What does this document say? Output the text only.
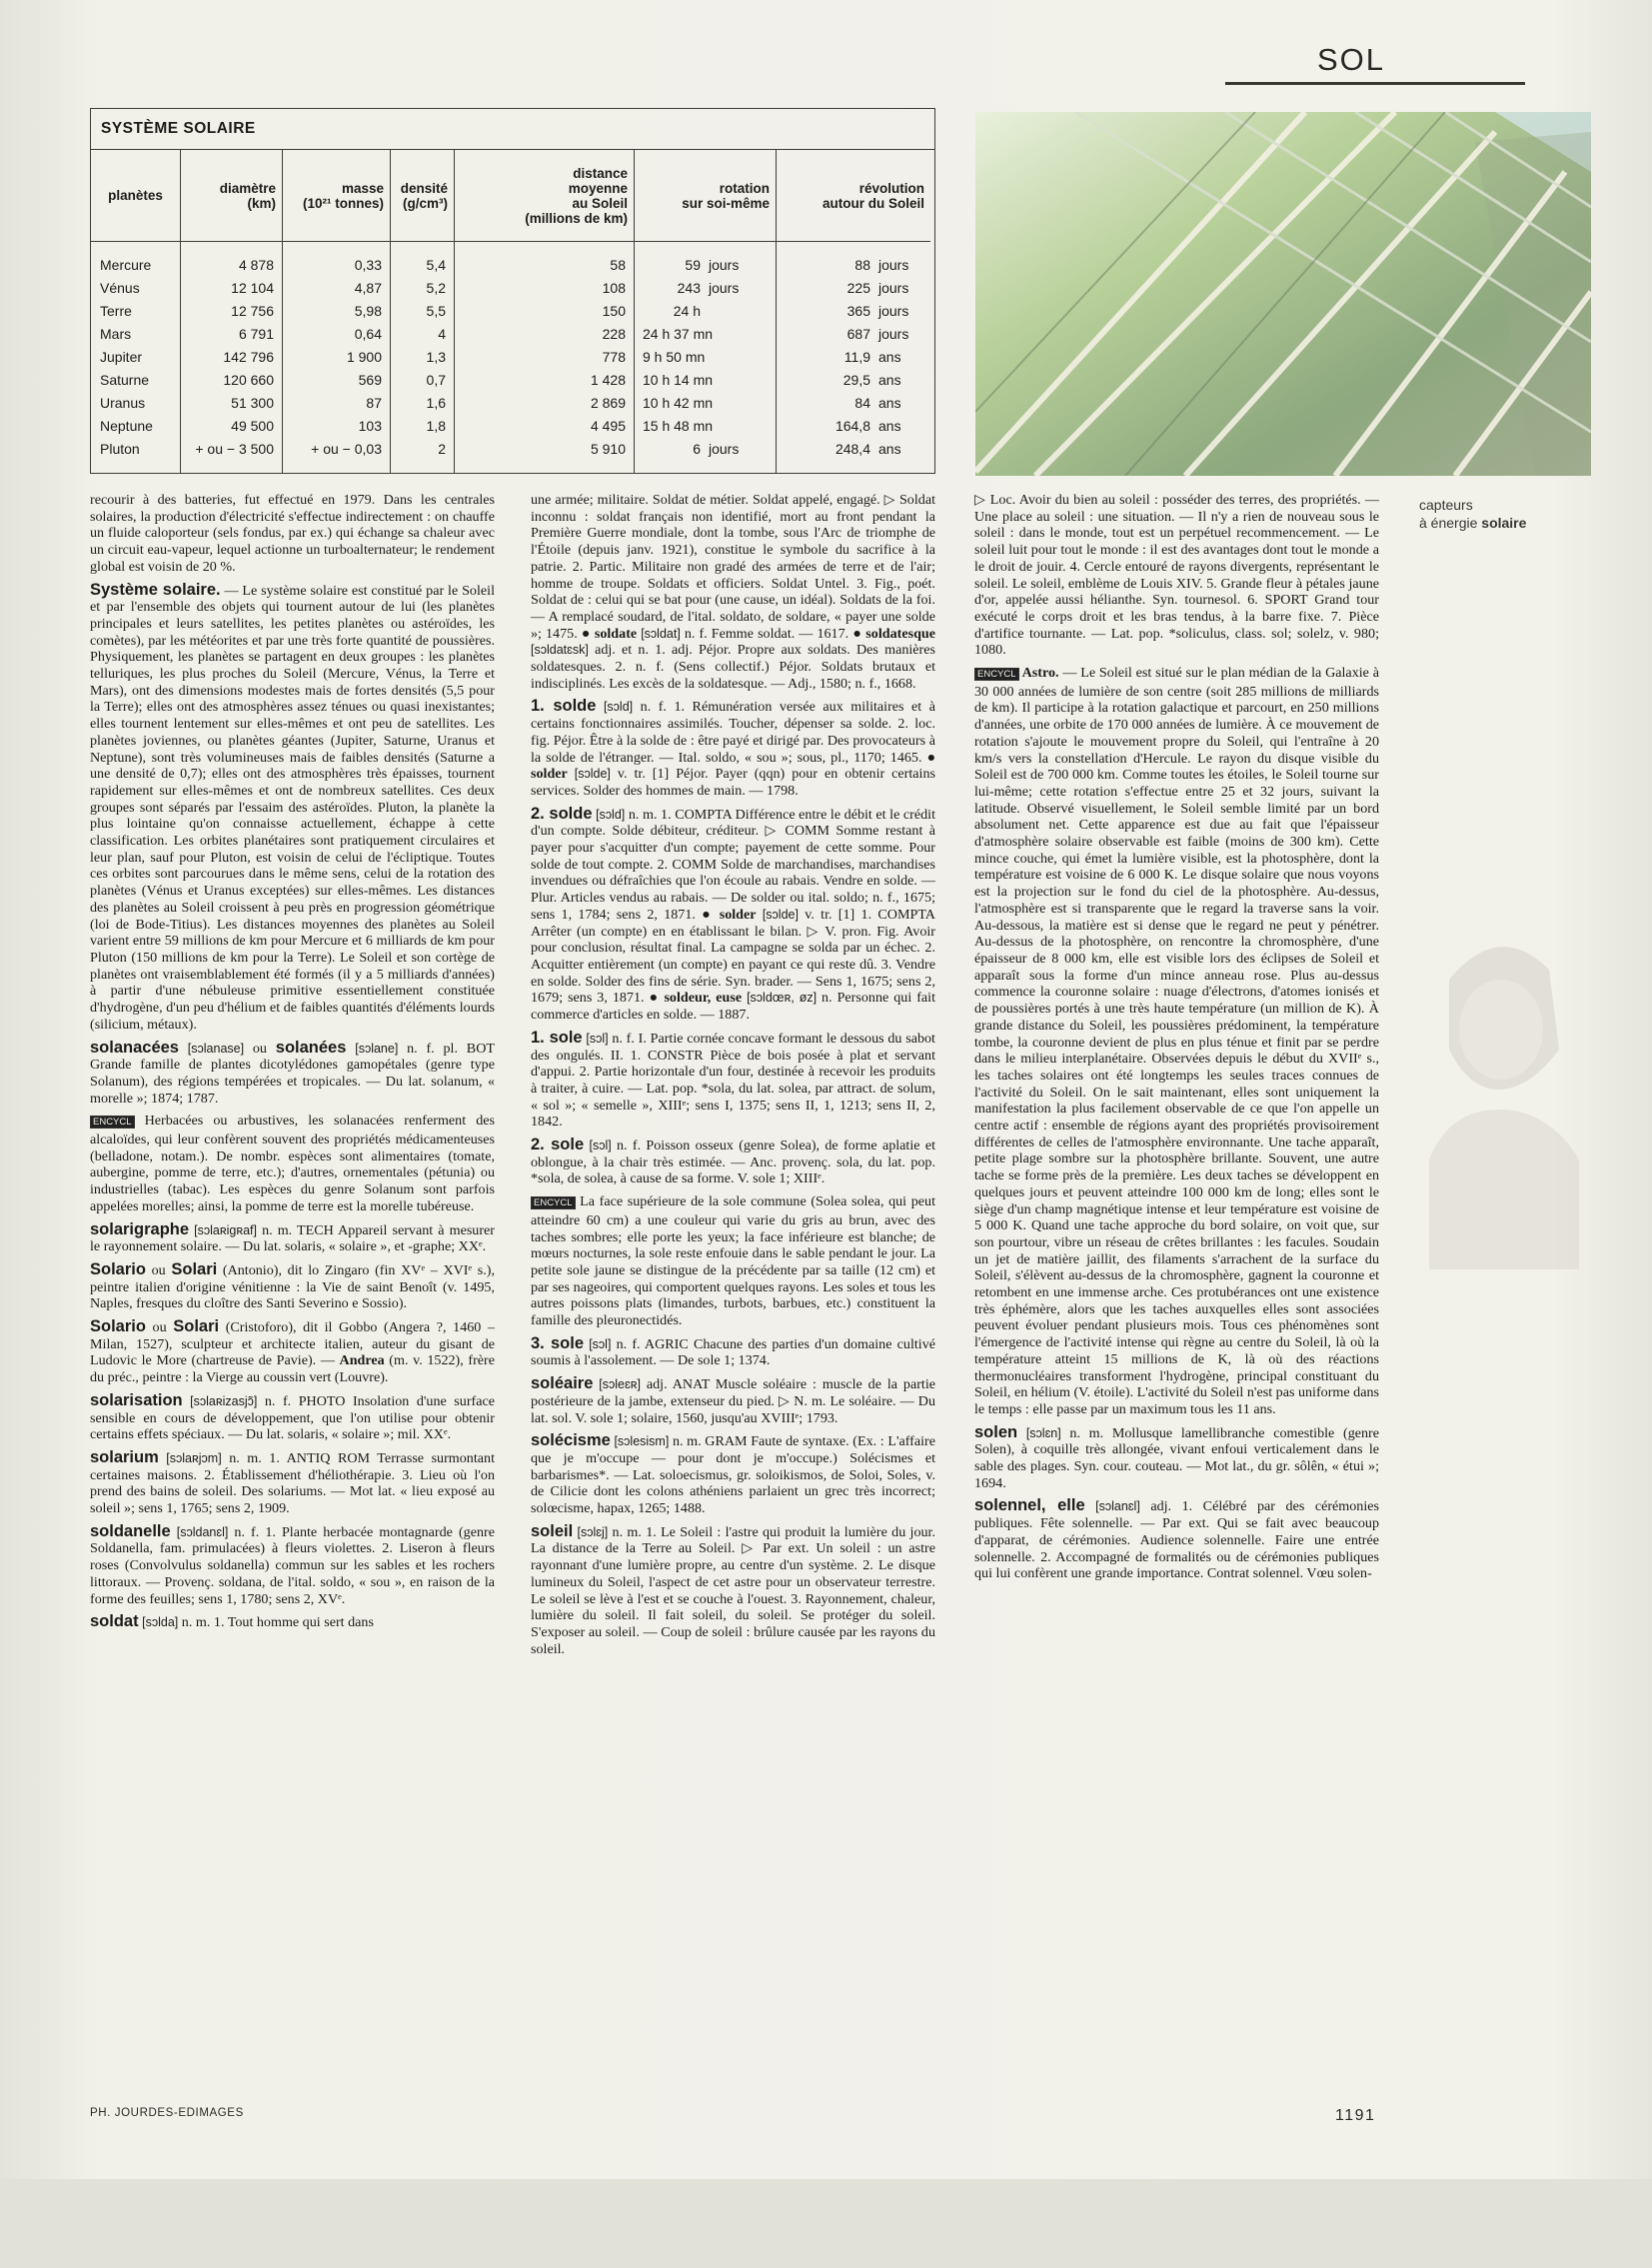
SOL
SYSTÈME SOLAIRE
planètes
Mercure
Vénus
Terre
Mars
Jupiter
Saturne
Uranus
Neptune
Pluton
diamètre
(km)
4 878
12 104
12 756
6 791
142 796
120 660
51 300
49 500
+ ou − 3 500
masse
(10²¹ tonnes)
0,33
4,87
5,98
0,64
1 900
569
87
103
+ ou − 0,03
densité
(g/cm³)
5,4
5,2
5,5
4
1,3
0,7
1,6
1,8
2
distance
moyenne
au Soleil
(millions de km)
58
108
150
228
778
1 428
2 869
4 495
5 910
rotation
sur soi-même
59 jours
243 jours
24 h
24 h 37 mn
9 h 50 mn
10 h 14 mn
10 h 42 mn
15 h 48 mn
6 jours
révolution
autour du Soleil
88 jours
225 jours
365 jours
687 jours
11,9 ans
29,5 ans
84 ans
164,8 ans
248,4 ans
capteurs
à énergie solaire

recourir à des batteries, fut effectué en 1979. Dans les centrales solaires, la production d'électricité s'effectue indirectement : on chauffe un fluide caloporteur (sels fondus, par ex.) qui échange sa chaleur avec un circuit eau-vapeur, lequel actionne un turboalternateur; le rendement global est voisin de 20 %.

Système solaire. — Le système solaire est constitué par le Soleil et par l'ensemble des objets qui tournent autour de lui (les planètes principales et leurs satellites, les petites planètes ou astéroïdes, les comètes), par les météorites et par une très forte quantité de poussières. Physiquement, les planètes se partagent en deux groupes : les planètes telluriques, les plus proches du Soleil (Mercure, Vénus, la Terre et Mars), ont des dimensions modestes mais de fortes densités (5,5 pour la Terre); elles ont des atmosphères assez ténues ou quasi inexistantes; elles tournent lentement sur elles-mêmes et ont peu de satellites. Les planètes joviennes, ou planètes géantes (Jupiter, Saturne, Uranus et Neptune), sont très volumineuses mais de faibles densités (Saturne a une densité de 0,7); elles ont des atmosphères très épaisses, tournent rapidement sur elles-mêmes et ont de nombreux satellites. Ces deux groupes sont séparés par l'essaim des astéroïdes. Pluton, la planète la plus lointaine qu'on connaisse actuellement, échappe à cette classification. Les orbites planétaires sont pratiquement circulaires et leur plan, sauf pour Pluton, est voisin de celui de l'écliptique. Toutes ces orbites sont parcourues dans le même sens, celui de la rotation des planètes (Vénus et Uranus exceptées) sur elles-mêmes. Les distances des planètes au Soleil croissent à peu près en progression géométrique (loi de Bode-Titius). Les distances moyennes des planètes au Soleil varient entre 59 millions de km pour Mercure et 6 milliards de km pour Pluton (150 millions de km pour la Terre). Le Soleil et son cortège de planètes ont vraisemblablement été formés (il y a 5 milliards d'années) à partir d'une nébuleuse primitive essentiellement constituée d'hydrogène, d'un peu d'hélium et de faibles quantités d'éléments lourds (silicium, métaux).

solanacées [sɔlanase] ou solanées [sɔlane] n. f. pl. BOT Grande famille de plantes dicotylédones gamopétales (genre type Solanum), des régions tempérées et tropicales. — Du lat. solanum, « morelle »; 1874; 1787.

ENCYCL Herbacées ou arbustives, les solanacées renferment des alcaloïdes, qui leur confèrent souvent des propriétés médicamenteuses (belladone, notam.). De nombr. espèces sont alimentaires (tomate, aubergine, pomme de terre, etc.); d'autres, ornementales (pétunia) ou industrielles (tabac). Les espèces du genre Solanum sont parfois appelées morelles; ainsi, la pomme de terre est la morelle tubéreuse.

solarigraphe [sɔlaʀigʀaf] n. m. TECH Appareil servant à mesurer le rayonnement solaire. — Du lat. solaris, « solaire », et -graphe; XXᵉ.

Solario ou Solari (Antonio), dit lo Zingaro (fin XVᵉ – XVIᵉ s.), peintre italien d'origine vénitienne : la Vie de saint Benoît (v. 1495, Naples, fresques du cloître des Santi Severino e Sossio).

Solario ou Solari (Cristoforo), dit il Gobbo (Angera ?, 1460 – Milan, 1527), sculpteur et architecte italien, auteur du gisant de Ludovic le More (chartreuse de Pavie). — Andrea (m. v. 1522), frère du préc., peintre : la Vierge au coussin vert (Louvre).

solarisation [sɔlaʀizasjɔ̃] n. f. PHOTO Insolation d'une surface sensible en cours de développement, que l'on utilise pour obtenir certains effets spéciaux. — Du lat. solaris, « solaire »; mil. XXᵉ.

solarium [sɔlaʀjɔm] n. m. 1. ANTIQ ROM Terrasse surmontant certaines maisons. 2. Établissement d'héliothérapie. 3. Lieu où l'on prend des bains de soleil. Des solariums. — Mot lat. « lieu exposé au soleil »; sens 1, 1765; sens 2, 1909.

soldanelle [sɔldanɛl] n. f. 1. Plante herbacée montagnarde (genre Soldanella, fam. primulacées) à fleurs violettes. 2. Liseron à fleurs roses (Convolvulus soldanella) commun sur les sables et les rochers littoraux. — Provenç. soldana, de l'ital. soldo, « sou », en raison de la forme des feuilles; sens 1, 1780; sens 2, XVᵉ.

soldat [sɔlda] n. m. 1. Tout homme qui sert dans

une armée; militaire. Soldat de métier. Soldat appelé, engagé. ▷ Soldat inconnu : soldat français non identifié, mort au front pendant la Première Guerre mondiale, dont la tombe, sous l'Arc de triomphe de l'Étoile (depuis janv. 1921), constitue le symbole du sacrifice à la patrie. 2. Partic. Militaire non gradé des armées de terre et de l'air; homme de troupe. Soldats et officiers. Soldat Untel. 3. Fig., poét. Soldat de : celui qui se bat pour (une cause, un idéal). Soldats de la foi. — A remplacé soudard, de l'ital. soldato, de soldare, « payer une solde »; 1475. ● soldate [sɔldat] n. f. Femme soldat. — 1617. ● soldatesque [sɔldatɛsk] adj. et n. 1. adj. Péjor. Propre aux soldats. Des manières soldatesques. 2. n. f. (Sens collectif.) Péjor. Soldats brutaux et indisciplinés. Les excès de la soldatesque. — Adj., 1580; n. f., 1668.

1. solde [sɔld] n. f. 1. Rémunération versée aux militaires et à certains fonctionnaires assimilés. Toucher, dépenser sa solde. 2. loc. fig. Péjor. Être à la solde de : être payé et dirigé par. Des provocateurs à la solde de l'étranger. — Ital. soldo, « sou »; sous, pl., 1170; 1465. ● solder [sɔlde] v. tr. [1] Péjor. Payer (qqn) pour en obtenir certains services. Solder des hommes de main. — 1798.

2. solde [sɔld] n. m. 1. COMPTA Différence entre le débit et le crédit d'un compte. Solde débiteur, créditeur. ▷ COMM Somme restant à payer pour s'acquitter d'un compte; payement de cette somme. Pour solde de tout compte. 2. COMM Solde de marchandises, marchandises invendues ou défraîchies que l'on écoule au rabais. Vendre en solde. — Plur. Articles vendus au rabais. — De solder ou ital. soldo; n. f., 1675; sens 1, 1784; sens 2, 1871. ● solder [sɔlde] v. tr. [1] 1. COMPTA Arrêter (un compte) en en établissant le bilan. ▷ V. pron. Fig. Avoir pour conclusion, résultat final. La campagne se solda par un échec. 2. Acquitter entièrement (un compte) en payant ce qui reste dû. 3. Vendre en solde. Solder des fins de série. Syn. brader. — Sens 1, 1675; sens 2, 1679; sens 3, 1871. ● soldeur, euse [sɔldœʀ, øz] n. Personne qui fait commerce d'articles en solde. — 1887.

1. sole [sɔl] n. f. I. Partie cornée concave formant le dessous du sabot des ongulés. II. 1. CONSTR Pièce de bois posée à plat et servant d'appui. 2. Partie horizontale d'un four, destinée à recevoir les produits à traiter, à cuire. — Lat. pop. *sola, du lat. solea, par attract. de solum, « sol »; « semelle », XIIIᵉ; sens I, 1375; sens II, 1, 1213; sens II, 2, 1842.

2. sole [sɔl] n. f. Poisson osseux (genre Solea), de forme aplatie et oblongue, à la chair très estimée. — Anc. provenç. sola, du lat. pop. *sola, de solea, à cause de sa forme. V. sole 1; XIIIᵉ.

ENCYCL La face supérieure de la sole commune (Solea solea, qui peut atteindre 60 cm) a une couleur qui varie du gris au brun, avec des taches sombres; elle porte les yeux; la face inférieure est blanche; de mœurs nocturnes, la sole reste enfouie dans le sable pendant le jour. La petite sole jaune se distingue de la précédente par sa taille (12 cm) et par ses nageoires, qui comportent quelques rayons. Les soles et tous les autres poissons plats (limandes, turbots, barbues, etc.) constituent la famille des pleuronectidés.

3. sole [sɔl] n. f. AGRIC Chacune des parties d'un domaine cultivé soumis à l'assolement. — De sole 1; 1374.

soléaire [sɔleɛʀ] adj. ANAT Muscle soléaire : muscle de la partie postérieure de la jambe, extenseur du pied. ▷ N. m. Le soléaire. — Du lat. sol. V. sole 1; solaire, 1560, jusqu'au XVIIIᵉ; 1793.

solécisme [sɔlesism] n. m. GRAM Faute de syntaxe. (Ex. : L'affaire que je m'occupe — pour dont je m'occupe.) Solécismes et barbarismes*. — Lat. soloecismus, gr. soloikismos, de Soloi, Soles, v. de Cilicie dont les colons athéniens parlaient un grec très incorrect; solœcisme, hapax, 1265; 1488.

soleil [sɔlɛj] n. m. 1. Le Soleil : l'astre qui produit la lumière du jour. La distance de la Terre au Soleil. ▷ Par ext. Un soleil : un astre rayonnant d'une lumière propre, au centre d'un système. 2. Le disque lumineux du Soleil, l'aspect de cet astre pour un observateur terrestre. Le soleil se lève à l'est et se couche à l'ouest. 3. Rayonnement, chaleur, lumière du soleil. Il fait soleil, du soleil. Se protéger du soleil. S'exposer au soleil. — Coup de soleil : brûlure causée par les rayons du soleil.

▷ Loc. Avoir du bien au soleil : posséder des terres, des propriétés. — Une place au soleil : une situation. — Il n'y a rien de nouveau sous le soleil : dans le monde, tout est un perpétuel recommencement. — Le soleil luit pour tout le monde : il est des avantages dont tout le monde a le droit de jouir. 4. Cercle entouré de rayons divergents, représentant le soleil. Le soleil, emblème de Louis XIV. 5. Grande fleur à pétales jaune d'or, appelée aussi hélianthe. Syn. tournesol. 6. SPORT Grand tour exécuté le corps droit et les bras tendus, à la barre fixe. 7. Pièce d'artifice tournante. — Lat. pop. *soliculus, class. sol; solelz, v. 980; 1080.

ENCYCL Astro. — Le Soleil est situé sur le plan médian de la Galaxie à 30 000 années de lumière de son centre (soit 285 millions de milliards de km). Il participe à la rotation galactique et parcourt, en 250 millions d'années, une orbite de 170 000 années de lumière. À ce mouvement de rotation s'ajoute le mouvement propre du Soleil, qui l'entraîne à 20 km/s vers la constellation d'Hercule. Le rayon du disque visible du Soleil est de 700 000 km. Comme toutes les étoiles, le Soleil tourne sur lui-même; cette rotation s'effectue entre 25 et 32 jours, suivant la latitude. Observé visuellement, le Soleil semble limité par un bord absolument net. Cette apparence est due au fait que l'épaisseur d'atmosphère solaire observable est faible (moins de 300 km). Cette mince couche, qui émet la lumière visible, est la photosphère, dont la température est voisine de 6 000 K. Le disque solaire que nous voyons est la projection sur le fond du ciel de la photosphère. Au-dessus, l'atmosphère est si transparente que le regard la traverse sans la voir. Au-dessous, la matière est si dense que le regard ne peut y pénétrer. Au-dessus de la photosphère, on rencontre la chromosphère, d'une épaisseur de 8 000 km, elle est visible lors des éclipses de Soleil et apparaît sous la forme d'un mince anneau rose. Plus au-dessus commence la couronne solaire : nuage d'électrons, d'atomes ionisés et de poussières portés à une très haute température (un million de K). À grande distance du Soleil, les poussières prédominent, la température tombe, la couronne devient de plus en plus ténue et finit par se perdre dans le milieu interplanétaire. Observées depuis le début du XVIIᵉ s., les taches solaires ont été longtemps les seules traces connues de l'activité du Soleil. On le sait maintenant, elles sont uniquement la manifestation la plus facilement observable de ce que l'on appelle un centre actif : ensemble de régions ayant des propriétés provisoirement différentes de celles de l'atmosphère environnante. Une tache apparaît, petite plage sombre sur la photosphère brillante. Souvent, une autre tache se forme près de la première. Les deux taches se développent en quelques jours et peuvent atteindre 100 000 km de long; elles sont le siège d'un champ magnétique intense et leur température est voisine de 5 000 K. Quand une tache approche du bord solaire, on voit que, sur son pourtour, vibre un réseau de crêtes brillantes : les facules. Soudain un jet de matière jaillit, des filaments s'arrachent de la surface du Soleil, s'élèvent au-dessus de la chromosphère, gagnent la couronne et retombent en une immense arche. Ces protubérances ont une existence très éphémère, alors que les taches auxquelles elles sont associées peuvent évoluer pendant plusieurs mois. Tous ces phénomènes sont l'émergence de l'activité intense qui règne au centre du Soleil, là où la température atteint 15 millions de K, là où des réactions thermonucléaires transforment l'hydrogène, principal constituant du Soleil, en hélium (V. étoile). L'activité du Soleil n'est pas uniforme dans le temps : elle passe par un maximum tous les 11 ans.

solen [sɔlɛn] n. m. Mollusque lamellibranche comestible (genre Solen), à coquille très allongée, vivant enfoui verticalement dans le sable des plages. Syn. cour. couteau. — Mot lat., du gr. sôlên, « étui »; 1694.

solennel, elle [sɔlanɛl] adj. 1. Célébré par des cérémonies publiques. Fête solennelle. — Par ext. Qui se fait avec beaucoup d'apparat, de cérémonies. Audience solennelle. Faire une entrée solennelle. 2. Accompagné de formalités ou de cérémonies publiques qui lui confèrent une grande importance. Contrat solennel. Vœu solen-

PH. JOURDES-EDIMAGES	1191
